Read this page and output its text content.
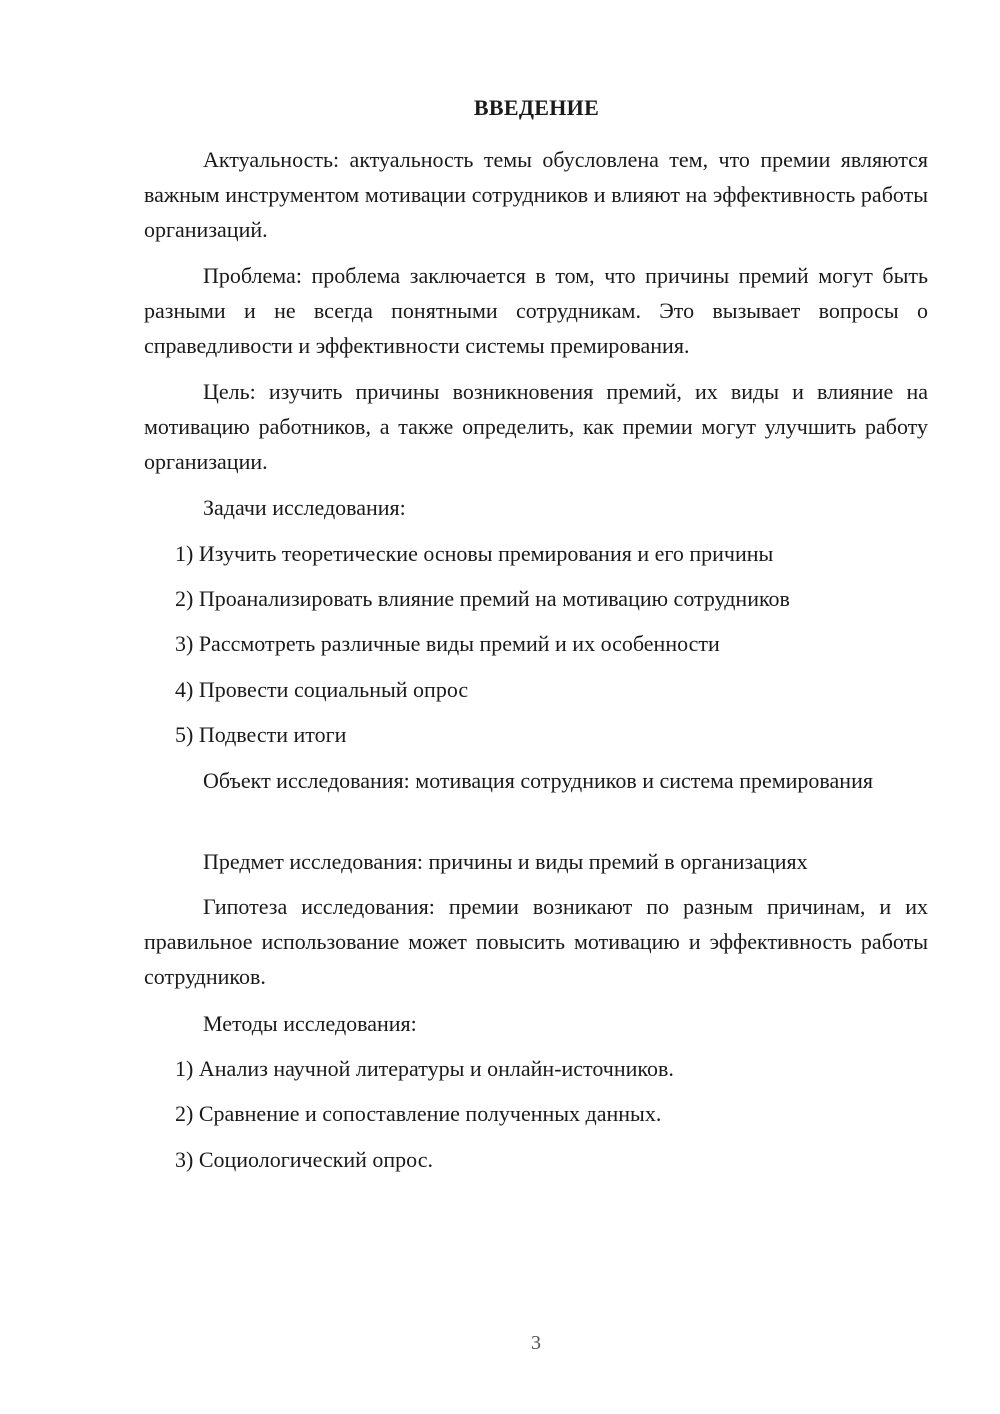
ВВЕДЕНИЕ
Актуальность: актуальность темы обусловлена тем, что премии являются важным инструментом мотивации сотрудников и влияют на эффективность работы организаций.
Проблема: проблема заключается в том, что причины премий могут быть разными и не всегда понятными сотрудникам. Это вызывает вопросы о справедливости и эффективности системы премирования.
Цель: изучить причины возникновения премий, их виды и влияние на мотивацию работников, а также определить, как премии могут улучшить работу организации.
Задачи исследования:
1) Изучить теоретические основы премирования и его причины
2) Проанализировать влияние премий на мотивацию сотрудников
3) Рассмотреть различные виды премий и их особенности
4) Провести социальный опрос
5) Подвести итоги
Объект исследования: мотивация сотрудников и система премирования
Предмет исследования: причины и виды премий в организациях
Гипотеза исследования: премии возникают по разным причинам, и их правильное использование может повысить мотивацию и эффективность работы сотрудников.
Методы исследования:
1) Анализ научной литературы и онлайн-источников.
2) Сравнение и сопоставление полученных данных.
3) Социологический опрос.
3
